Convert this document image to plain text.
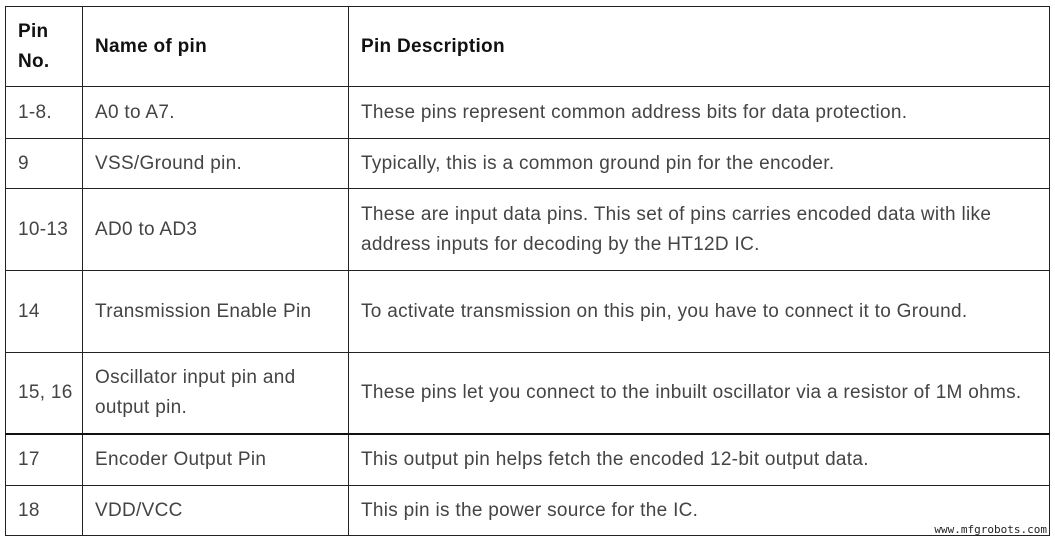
Pin No.	Name of pin	Pin Description
1-8.	A0 to A7.	These pins represent common address bits for data protection.
9	VSS/Ground pin.	Typically, this is a common ground pin for the encoder.
10-13	AD0 to AD3	These are input data pins. This set of pins carries encoded data with like address inputs for decoding by the HT12D IC.
14	Transmission Enable Pin	To activate transmission on this pin, you have to connect it to Ground.
15, 16	Oscillator input pin and output pin.	These pins let you connect to the inbuilt oscillator via a resistor of 1M ohms.
17	Encoder Output Pin	This output pin helps fetch the encoded 12-bit output data.
18	VDD/VCC	This pin is the power source for the IC.
www.mfgrobots.com
